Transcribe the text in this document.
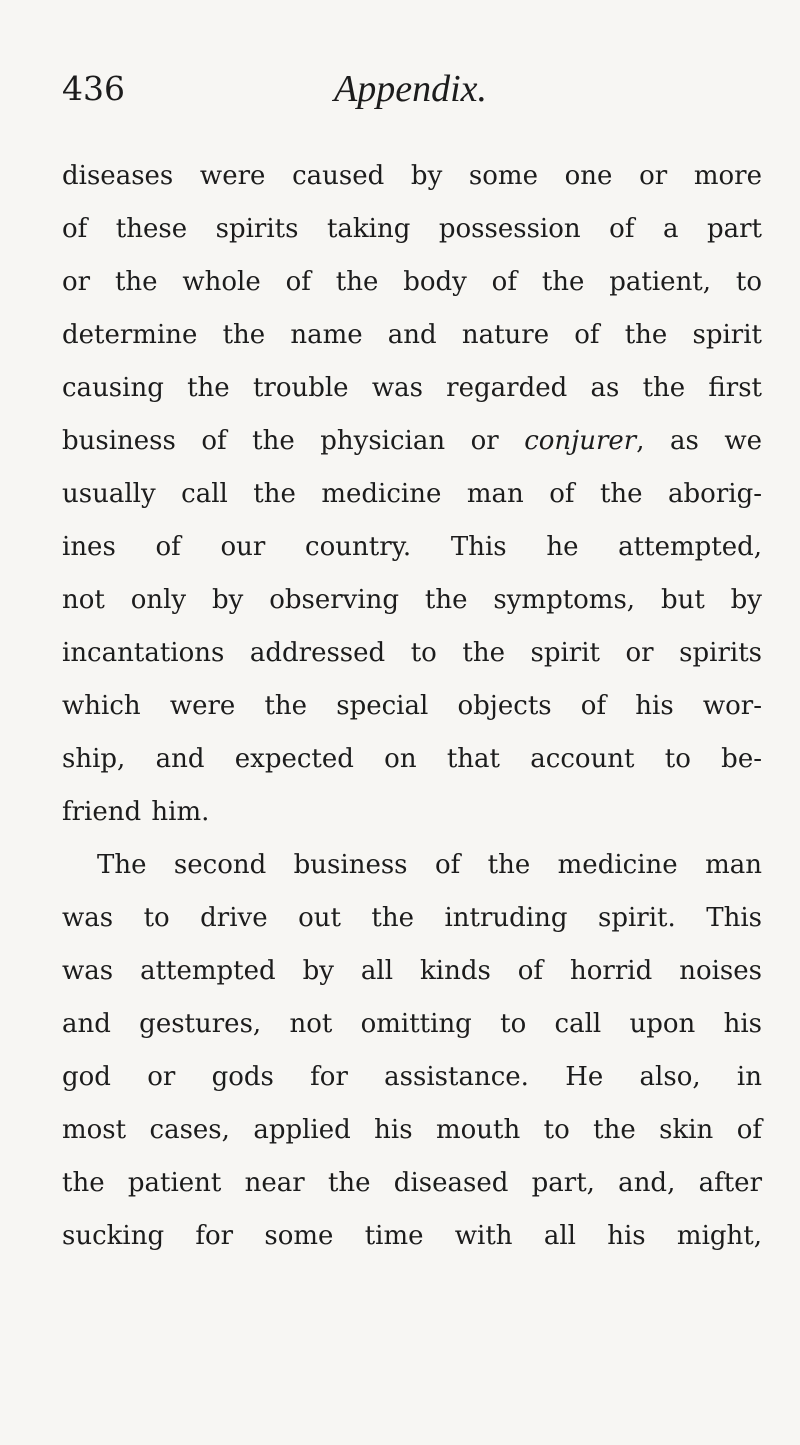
436	Appendix.
diseases were caused by some one or more
of these spirits taking possession of a part
or the whole of the body of the patient, to
determine the name and nature of the spirit
causing the trouble was regarded as the first
business of the physician or conjurer, as we
usually call the medicine man of the aborig-
ines of our country. This he attempted,
not only by observing the symptoms, but by
incantations addressed to the spirit or spirits
which were the special objects of his wor-
ship, and expected on that account to be-
friend him.
The second business of the medicine man
was to drive out the intruding spirit. This
was attempted by all kinds of horrid noises
and gestures, not omitting to call upon his
god or gods for assistance. He also, in
most cases, applied his mouth to the skin of
the patient near the diseased part, and, after
sucking for some time with all his might,
